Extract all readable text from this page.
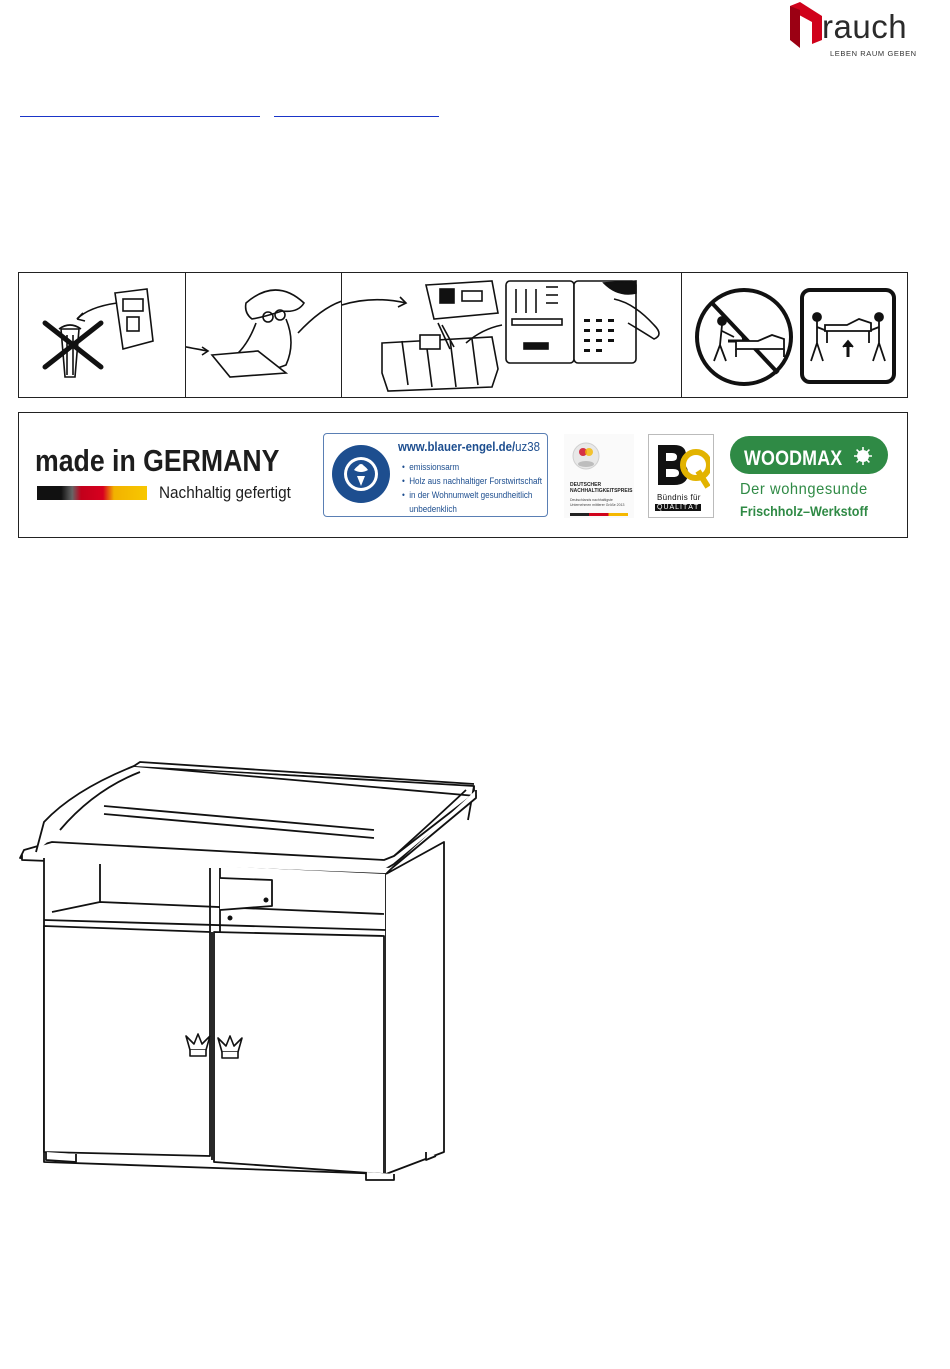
rauch
LEBEN RAUM GEBEN
made in GERMANY
Nachhaltig gefertigt
www.blauer-engel.de/uz38
• emissionsarm
• Holz aus nachhaltiger Forstwirtschaft
• in der Wohnumwelt gesundheitlich
unbedenklich
DEUTSCHER
NACHHALTIGKEITSPREIS
Deutschlands nachhaltigste
Unternehmen mittlerer Größe 2013
Bündnis für
QUALITÄT
WOODMAX
Der wohngesunde
Frischholz–Werkstoff
